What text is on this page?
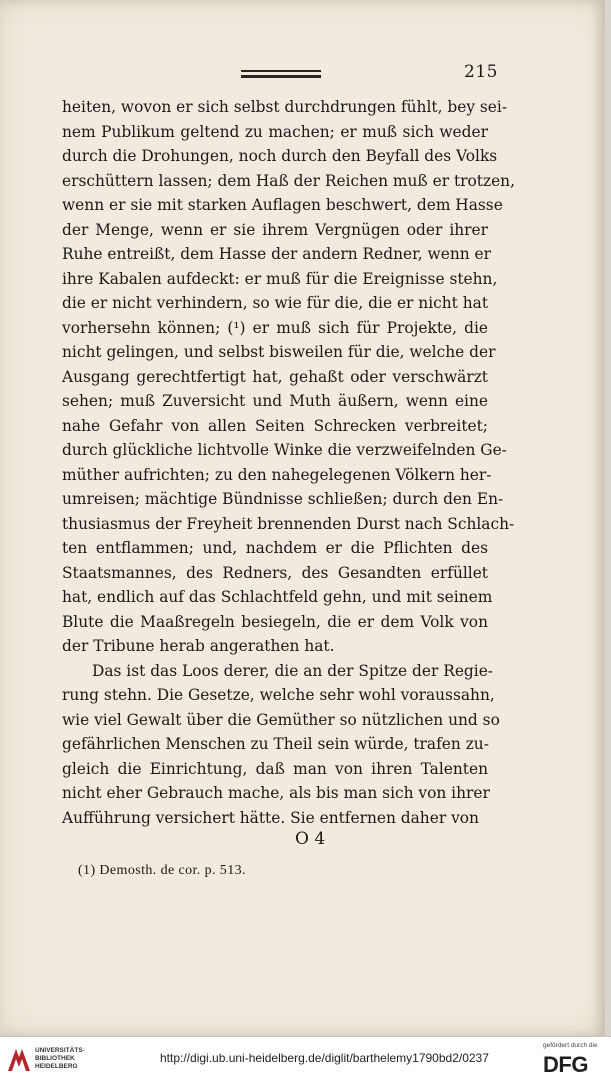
215
heiten, wovon er sich selbst durchdrungen fühlt, bey sei-
nem Publikum geltend zu machen; er muß sich weder
durch die Drohungen, noch durch den Beyfall des Volks
erschüttern lassen; dem Haß der Reichen muß er trotzen,
wenn er sie mit starken Auflagen beschwert, dem Hasse
der Menge, wenn er sie ihrem Vergnügen oder ihrer
Ruhe entreißt, dem Hasse der andern Redner, wenn er
ihre Kabalen aufdeckt: er muß für die Ereignisse stehn,
die er nicht verhindern, so wie für die, die er nicht hat
vorhersehn können; (¹) er muß sich für Projekte, die
nicht gelingen, und selbst bisweilen für die, welche der
Ausgang gerechtfertigt hat, gehaßt oder verschwärzt
sehen; muß Zuversicht und Muth äußern, wenn eine
nahe Gefahr von allen Seiten Schrecken verbreitet;
durch glückliche lichtvolle Winke die verzweifelnden Ge-
müther aufrichten; zu den nahegelegenen Völkern her-
umreisen; mächtige Bündnisse schließen; durch den En-
thusiasmus der Freyheit brennenden Durst nach Schlach-
ten entflammen; und, nachdem er die Pflichten des
Staatsmannes, des Redners, des Gesandten erfüllet
hat, endlich auf das Schlachtfeld gehn, und mit seinem
Blute die Maaßregeln besiegeln, die er dem Volk von
der Tribune herab angerathen hat.
Das ist das Loos derer, die an der Spitze der Regie-
rung stehn. Die Gesetze, welche sehr wohl voraussahn,
wie viel Gewalt über die Gemüther so nützlichen und so
gefährlichen Menschen zu Theil sein würde, trafen zu-
gleich die Einrichtung, daß man von ihren Talenten
nicht eher Gebrauch mache, als bis man sich von ihrer
Aufführung versichert hätte. Sie entfernen daher von
O 4
(1) Demosth. de cor. p. 513.
UNIVERSITÄTS-
BIBLIOTHEK
HEIDELBERG
http://digi.ub.uni-heidelberg.de/diglit/barthelemy1790bd2/0237
gefördert durch die
DFG
